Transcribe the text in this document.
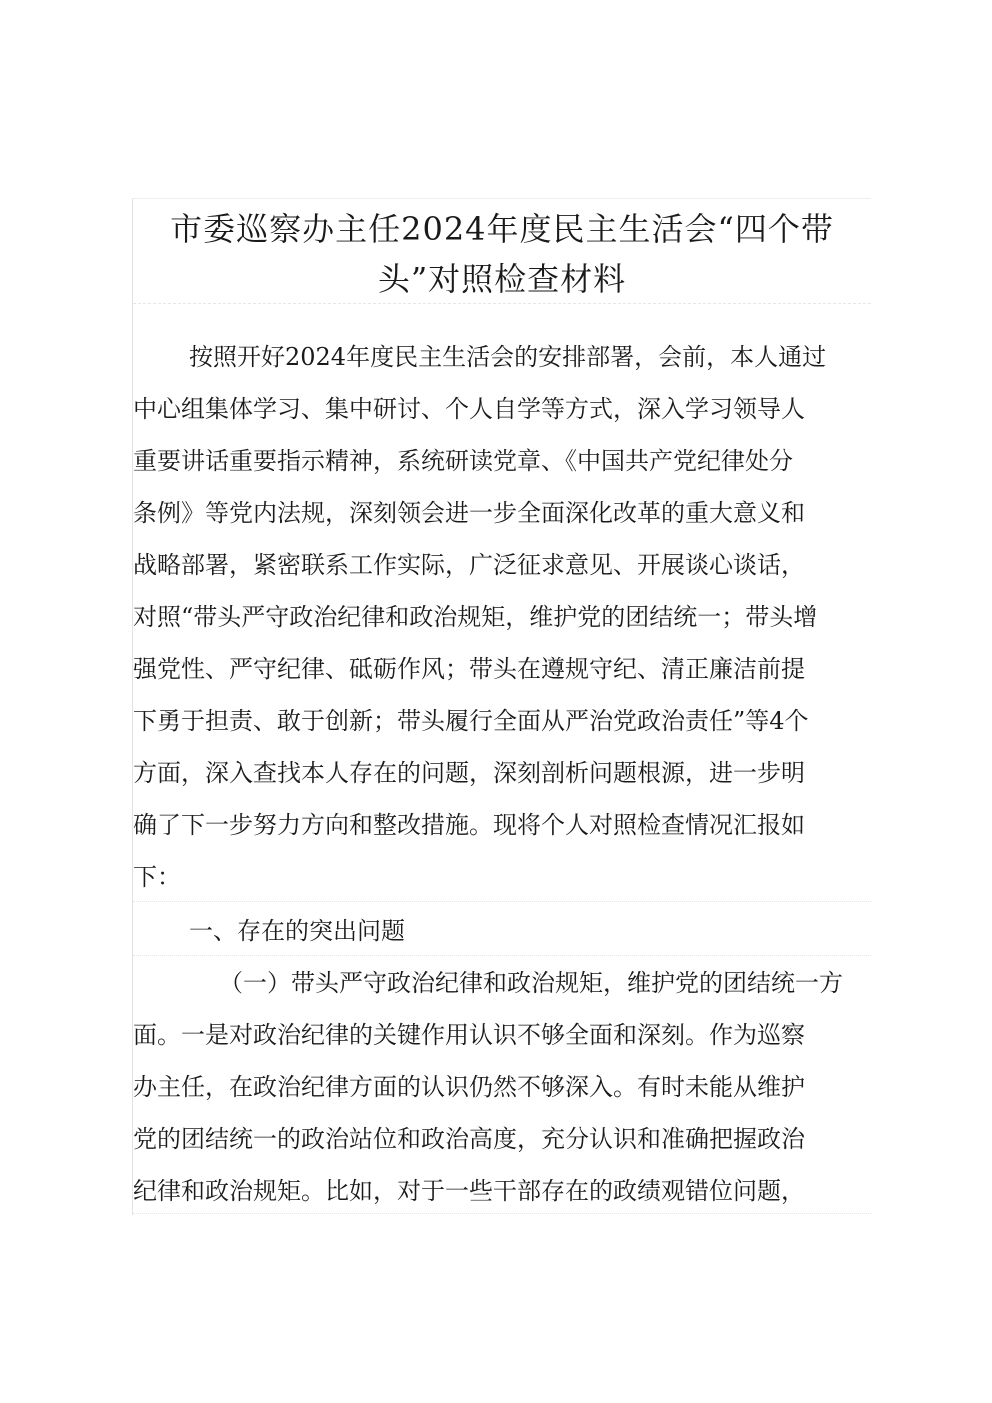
市委巡察办主任2024年度民主生活会“四个带
头”对照检查材料
按照开好2024年度民主生活会的安排部署，会前，本人通过
中心组集体学习、集中研讨、个人自学等方式，深入学习领导人
重要讲话重要指示精神，系统研读党章、《中国共产党纪律处分
条例》等党内法规，深刻领会进一步全面深化改革的重大意义和
战略部署，紧密联系工作实际，广泛征求意见、开展谈心谈话，
对照“带头严守政治纪律和政治规矩，维护党的团结统一；带头增
强党性、严守纪律、砥砺作风；带头在遵规守纪、清正廉洁前提
下勇于担责、敢于创新；带头履行全面从严治党政治责任”等4个
方面，深入查找本人存在的问题，深刻剖析问题根源，进一步明
确了下一步努力方向和整改措施。现将个人对照检查情况汇报如
下：
一、存在的突出问题
（一）带头严守政治纪律和政治规矩，维护党的团结统一方
面。一是对政治纪律的关键作用认识不够全面和深刻。作为巡察
办主任，在政治纪律方面的认识仍然不够深入。有时未能从维护
党的团结统一的政治站位和政治高度，充分认识和准确把握政治
纪律和政治规矩。比如，对于一些干部存在的政绩观错位问题，
